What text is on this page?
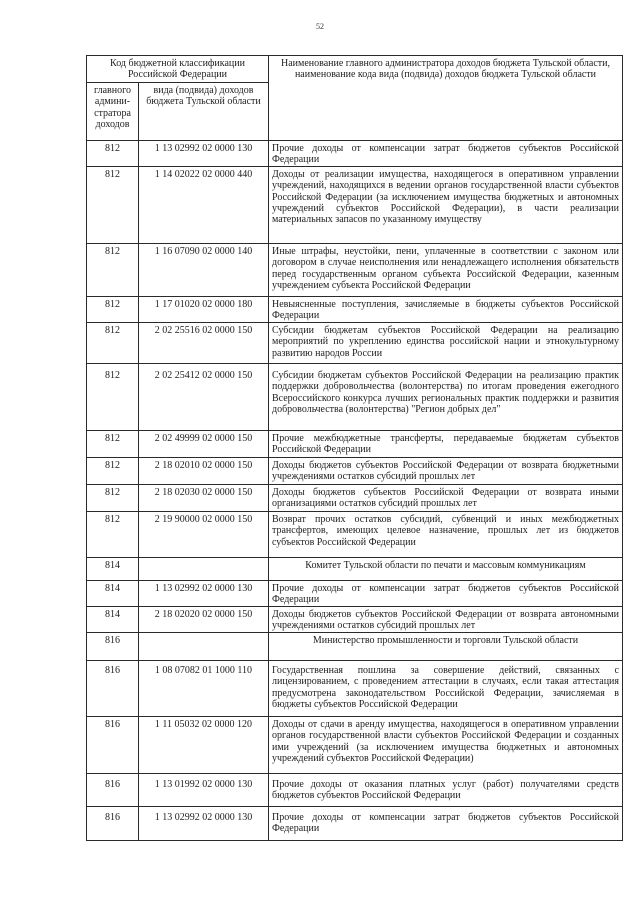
52
Код бюджетной классификации Российской Федерации		Наименование главного администратора доходов бюджета Тульской области, наименование кода вида (подвида) доходов бюджета Тульской области
главного админи-стратора доходов	вида (подвида) доходов бюджета Тульской области	
812	1 13 02992 02 0000 130	Прочие доходы от компенсации затрат бюджетов субъектов Российской Федерации
812	1 14 02022 02 0000 440	Доходы от реализации имущества, находящегося в оперативном управлении учреждений, находящихся в ведении органов государственной власти субъектов Российской Федерации (за исключением имущества бюджетных и автономных учреждений субъектов Российской Федерации), в части реализации материальных запасов по указанному имуществу
812	1 16 07090 02 0000 140	Иные штрафы, неустойки, пени, уплаченные в соответствии с законом или договором в случае неисполнения или ненадлежащего исполнения обязательств перед государственным органом субъекта Российской Федерации, казенным учреждением субъекта Российской Федерации
812	1 17 01020 02 0000 180	Невыясненные поступления, зачисляемые в бюджеты субъектов Российской Федерации
812	2 02 25516 02 0000 150	Субсидии бюджетам субъектов Российской Федерации на реализацию мероприятий по укреплению единства российской нации и этнокультурному развитию народов России
812	2 02 25412 02 0000 150	Субсидии бюджетам субъектов Российской Федерации на реализацию практик поддержки добровольчества (волонтерства) по итогам проведения ежегодного Всероссийского конкурса лучших региональных практик поддержки и развития добровольчества (волонтерства) "Регион добрых дел"
812	2 02 49999 02 0000 150	Прочие межбюджетные трансферты, передаваемые бюджетам субъектов Российской Федерации
812	2 18 02010 02 0000 150	Доходы бюджетов субъектов Российской Федерации от возврата бюджетными учреждениями остатков субсидий прошлых лет
812	2 18 02030 02 0000 150	Доходы бюджетов субъектов Российской Федерации от возврата иными организациями остатков субсидий прошлых лет
812	2 19 90000 02 0000 150	Возврат прочих остатков субсидий, субвенций и иных межбюджетных трансфертов, имеющих целевое назначение, прошлых лет из бюджетов субъектов Российской Федерации
814		Комитет Тульской области по печати и массовым коммуникациям
814	1 13 02992 02 0000 130	Прочие доходы от компенсации затрат бюджетов субъектов Российской Федерации
814	2 18 02020 02 0000 150	Доходы бюджетов субъектов Российской Федерации от возврата автономными учреждениями остатков субсидий прошлых лет
816		Министерство промышленности и торговли Тульской области
816	1 08 07082 01 1000 110	Государственная пошлина за совершение действий, связанных с лицензированием, с проведением аттестации в случаях, если такая аттестация предусмотрена законодательством Российской Федерации, зачисляемая в бюджеты субъектов Российской Федерации
816	1 11 05032 02 0000 120	Доходы от сдачи в аренду имущества, находящегося в оперативном управлении органов государственной власти субъектов Российской Федерации и созданных ими учреждений (за исключением имущества бюджетных и автономных учреждений субъектов Российской Федерации)
816	1 13 01992 02 0000 130	Прочие доходы от оказания платных услуг (работ) получателями средств бюджетов субъектов Российской Федерации
816	1 13 02992 02 0000 130	Прочие доходы от компенсации затрат бюджетов субъектов Российской Федерации
